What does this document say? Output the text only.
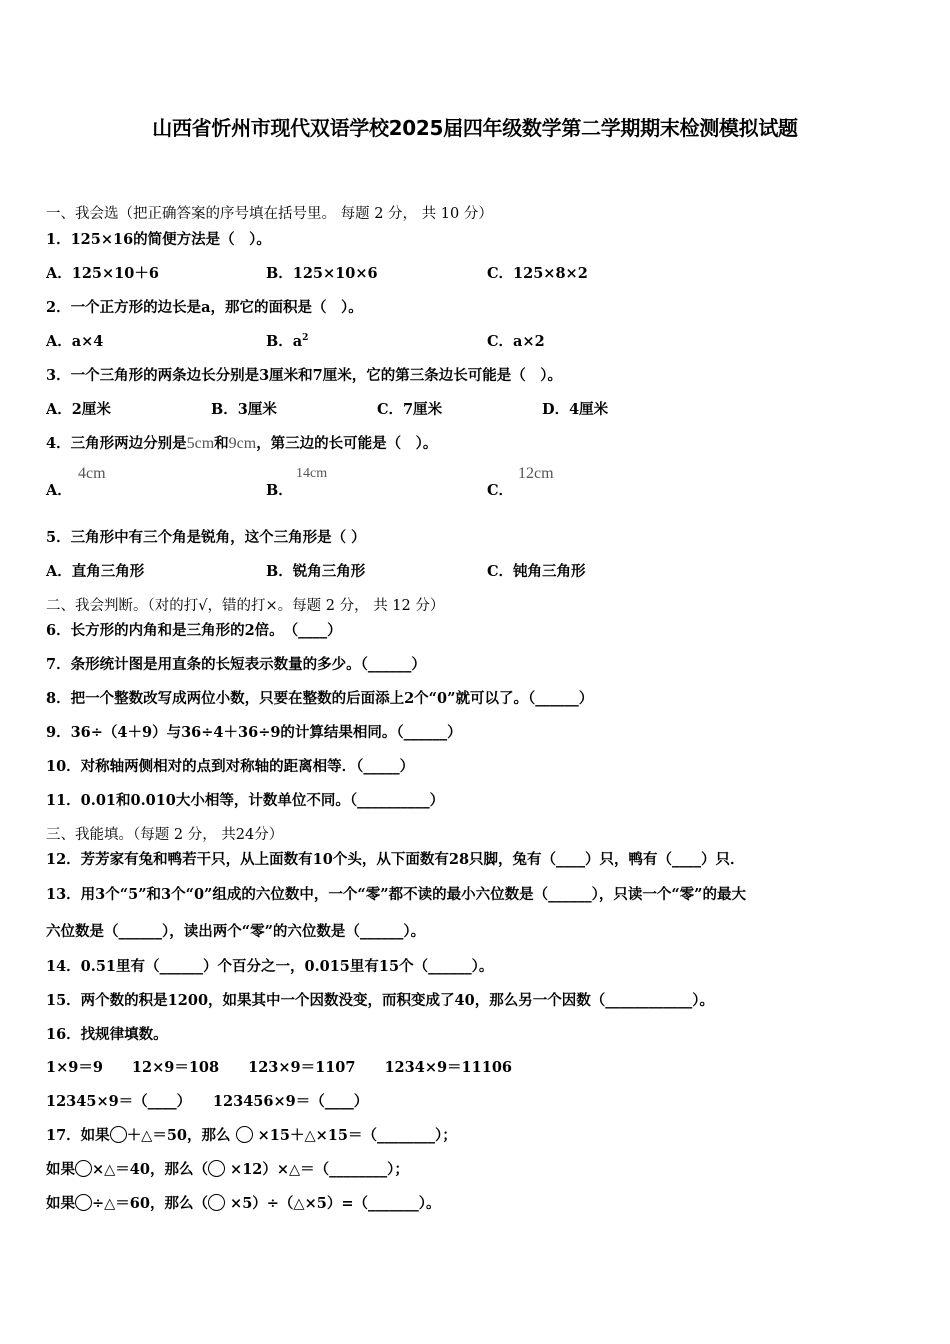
山西省忻州市现代双语学校2025届四年级数学第二学期期末检测模拟试题
一、我会选（把正确答案的序号填在括号里。 每题 2 分， 共 10 分）
1．125×16的简便方法是（　）。
A．125×10＋6	B．125×10×6	C．125×8×2
2．一个正方形的边长是a，那它的面积是（　）。
A．a×4	B．$a^2$	C．a×2
3．一个三角形的两条边长分别是3厘米和7厘米，它的第三条边长可能是（　）。
A．2厘米	B．3厘米	C．7厘米	D．4厘米
4．三角形两边分别是5cm和9cm，第三边的长可能是（　）。
A．
4cm
B．
14cm
C．
12cm
5．三角形中有三个角是锐角，这个三角形是（ ）
A．直角三角形	B．锐角三角形	C．钝角三角形
二、我会判断。（对的打√，错的打×。每题 2 分， 共 12 分）
6．长方形的内角和是三角形的2倍。　（____）
7．条形统计图是用直条的长短表示数量的多少。（______）
8．把一个整数改写成两位小数，只要在整数的后面添上2个“0”就可以了。（______）
9．36÷（4＋9）与36÷4＋36÷9的计算结果相同。（______）
10．对称轴两侧相对的点到对称轴的距离相等．（_____）
11．0.01和0.010大小相等，计数单位不同。（__________）
三、我能填。（每题 2 分， 共24分）
12．芳芳家有兔和鸭若干只，从上面数有10个头，从下面数有28只脚，兔有（____）只，鸭有（____）只．
13．用3个“5”和3个“0”组成的六位数中，一个“零”都不读的最小六位数是（______），只读一个“零”的最大
六位数是（______），读出两个“零”的六位数是（______）。
14．0.51里有（______）个百分之一，0.015里有15个（______）。
15．两个数的积是1200，如果其中一个因数没变，而积变成了40，那么另一个因数（____________）。
16．找规律填数。
1×9＝9　　12×9＝108　　123×9＝1107　　1234×9＝11106
12345×9＝（____）　　123456×9＝（____）
17．如果 ＋△＝50，那么 ×15＋△×15＝（________）；
如果 ×△＝40，那么（ ×12）×△＝（________）；
如果 ÷△＝60，那么（ ×5）÷（△×5）=（_______）。
